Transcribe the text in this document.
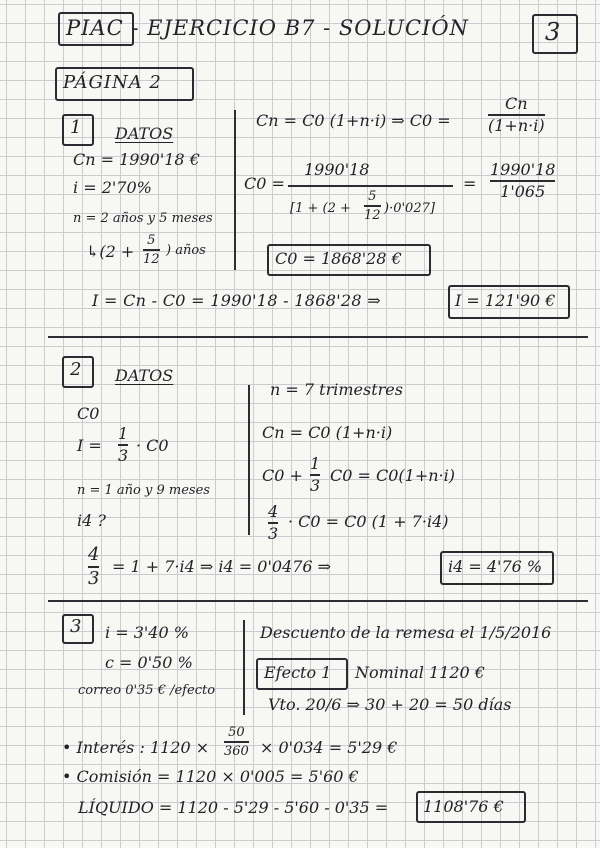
PIAC - EJERCICIO B7 - SOLUCIÓN	3
PÁGINA 2
1 DATOS
Cn = 1990'18 €
i = 2'70%
n = 2 años y 5 meses
↳(2 +
5
12
) años
Cn = C0 (1+n·i) ⇒ C0 =
Cn
(1+n·i)
C0 =
1990'18
[1 + (2 +
5
12 )·0'027]
=
1990'18
1'065
C0 = 1868'28 €
I = Cn - C0 = 1990'18 - 1868'28 ⇒	I = 121'90 €
2 DATOS
C0
I =
1
3 · C0
n = 1 año y 9 meses
i4 ?
n = 7 trimestres
Cn = C0 (1+n·i)
C0 +
1
3 C0 = C0(1+n·i)
4
3
· C0 = C0 (1 + 7·i4)
4
3
= 1 + 7·i4 ⇒ i4 = 0'0476 ⇒	i4 = 4'76 %
3 i = 3'40 %
c = 0'50 %
correo 0'35 € /efecto
Descuento de la remesa el 1/5/2016
Efecto 1 Nominal 1120 €
Vto. 20/6 ⇒ 30 + 20 = 50 días
• Interés : 1120 ×
50
360 × 0'034 = 5'29 €
• Comisión = 1120 × 0'005 = 5'60 €
LÍQUIDO = 1120 - 5'29 - 5'60 - 0'35 = 1108'76 €
